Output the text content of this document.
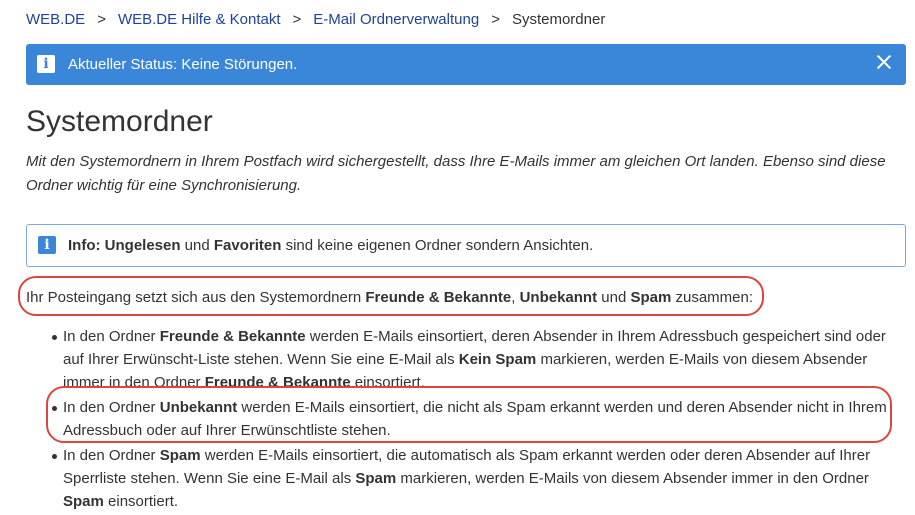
WEB.DE > WEB.DE Hilfe & Kontakt > E-Mail Ordnerverwaltung > Systemordner
i	Aktueller Status: Keine Störungen.
Systemordner

Mit den Systemordnern in Ihrem Postfach wird sichergestellt, dass Ihre E-Mails immer am gleichen Ort landen. Ebenso sind diese Ordner wichtig für eine Synchronisierung.

i	Info: Ungelesen und Favoriten sind keine eigenen Ordner sondern Ansichten.

Ihr Posteingang setzt sich aus den Systemordnern Freunde & Bekannte, Unbekannt und Spam zusammen:

In den Ordner Freunde & Bekannte werden E-Mails einsortiert, deren Absender in Ihrem Adressbuch gespeichert sind oder auf Ihrer Erwünscht-Liste stehen. Wenn Sie eine E-Mail als Kein Spam markieren, werden E-Mails von diesem Absender immer in den Ordner Freunde & Bekannte einsortiert.
In den Ordner Unbekannt werden E-Mails einsortiert, die nicht als Spam erkannt werden und deren Absender nicht in Ihrem Adressbuch oder auf Ihrer Erwünschtliste stehen.
In den Ordner Spam werden E-Mails einsortiert, die automatisch als Spam erkannt werden oder deren Absender auf Ihrer Sperrliste stehen. Wenn Sie eine E-Mail als Spam markieren, werden E-Mails von diesem Absender immer in den Ordner Spam einsortiert.
